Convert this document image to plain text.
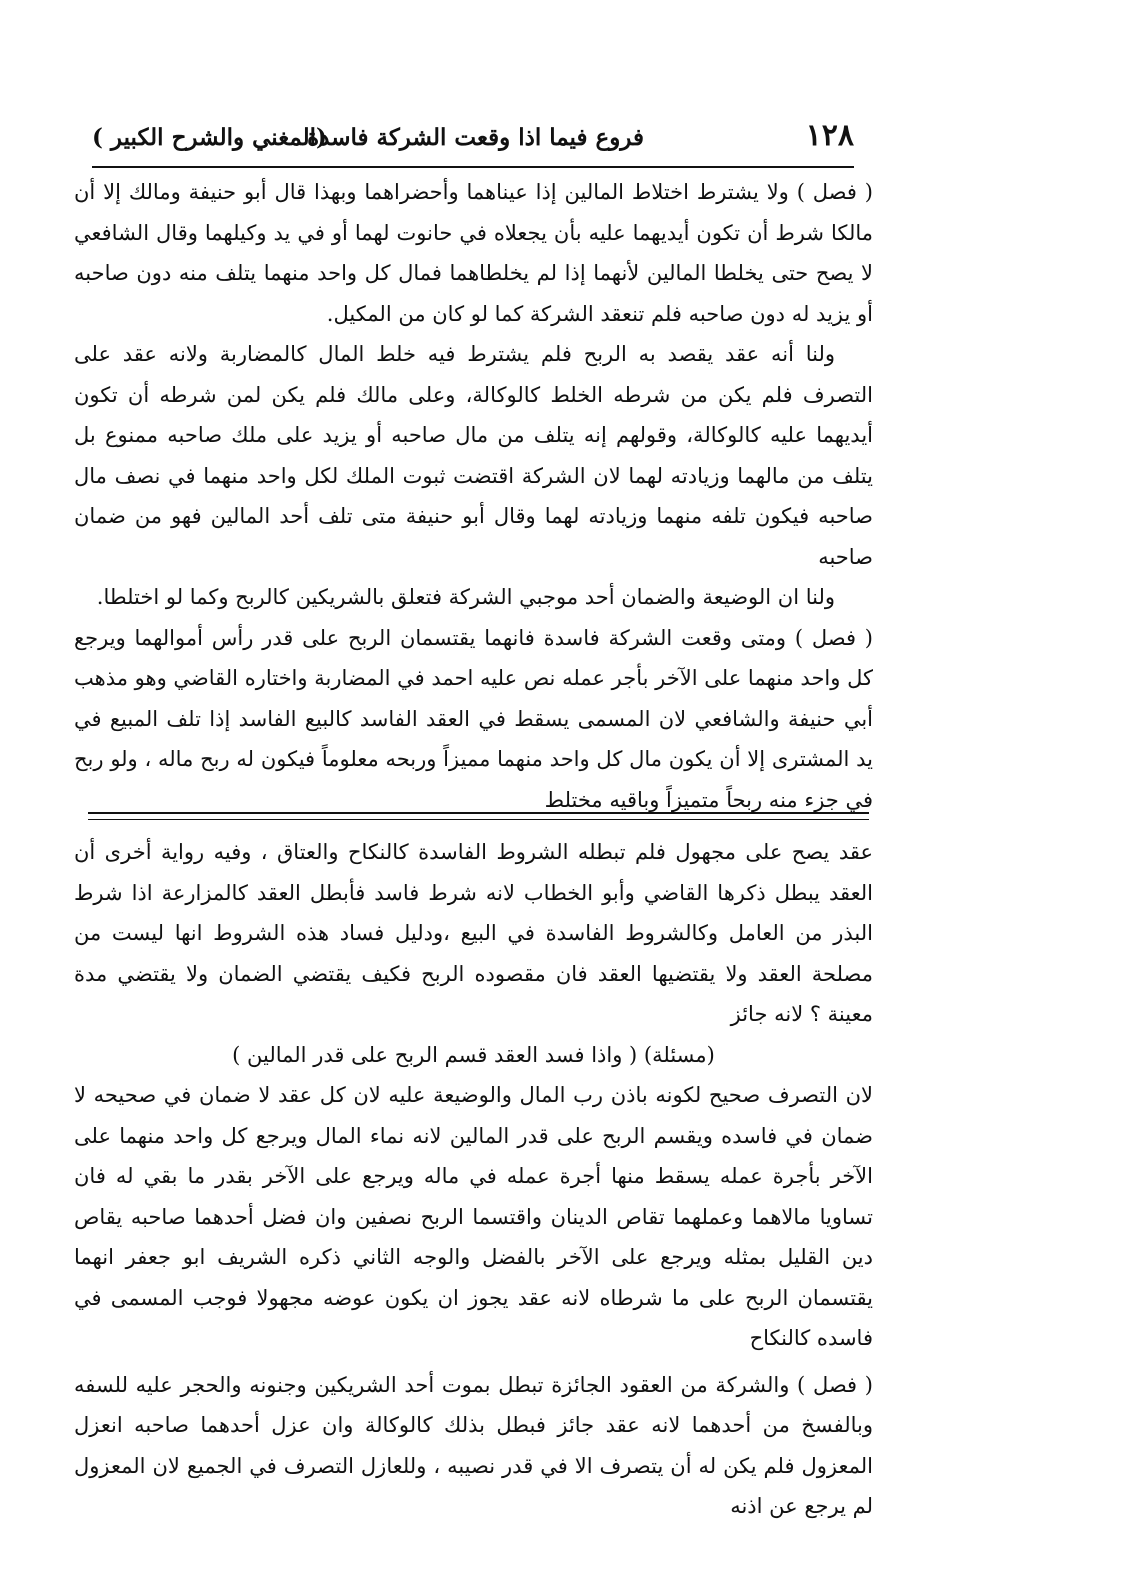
١٢٨
فروع فيما اذا وقعت الشركة فاسدة
(المغني والشرح الكبير )

( فصل ) ولا يشترط اختلاط المالين إذا عيناهما وأحضراهما وبهذا قال أبو حنيفة ومالك إلا أن مالكا شرط أن تكون أيديهما عليه بأن يجعلاه في حانوت لهما أو في يد وكيلهما وقال الشافعي لا يصح حتى يخلطا المالين لأنهما إذا لم يخلطاهما فمال كل واحد منهما يتلف منه دون صاحبه أو يزيد له دون صاحبه فلم تنعقد الشركة كما لو كان من المكيل.

ولنا أنه عقد يقصد به الربح فلم يشترط فيه خلط المال كالمضاربة ولانه عقد على التصرف فلم يكن من شرطه الخلط كالوكالة، وعلى مالك فلم يكن لمن شرطه أن تكون أيديهما عليه كالوكالة، وقولهم إنه يتلف من مال صاحبه أو يزيد على ملك صاحبه ممنوع بل يتلف من مالهما وزيادته لهما لان الشركة اقتضت ثبوت الملك لكل واحد منهما في نصف مال صاحبه فيكون تلفه منهما وزيادته لهما وقال أبو حنيفة متى تلف أحد المالين فهو من ضمان صاحبه

ولنا ان الوضيعة والضمان أحد موجبي الشركة فتعلق بالشريكين كالربح وكما لو اختلطا.

( فصل ) ومتى وقعت الشركة فاسدة فانهما يقتسمان الربح على قدر رأس أموالهما ويرجع كل واحد منهما على الآخر بأجر عمله نص عليه احمد في المضاربة واختاره القاضي وهو مذهب أبي حنيفة والشافعي لان المسمى يسقط في العقد الفاسد كالبيع الفاسد إذا تلف المبيع في يد المشترى إلا أن يكون مال كل واحد منهما مميزاً وربحه معلوماً فيكون له ربح ماله ، ولو ربح في جزء منه ربحاً متميزاً وباقيه مختلط

عقد يصح على مجهول فلم تبطله الشروط الفاسدة كالنكاح والعتاق ، وفيه رواية أخرى أن العقد يبطل ذكرها القاضي وأبو الخطاب لانه شرط فاسد فأبطل العقد كالمزارعة اذا شرط البذر من العامل وكالشروط الفاسدة في البيع ،ودليل فساد هذه الشروط انها ليست من مصلحة العقد ولا يقتضيها العقد فان مقصوده الربح فكيف يقتضي الضمان ولا يقتضي مدة معينة ؟ لانه جائز

(مسئلة) ( واذا فسد العقد قسم الربح على قدر المالين )

لان التصرف صحيح لكونه باذن رب المال والوضيعة عليه لان كل عقد لا ضمان في صحيحه لا ضمان في فاسده ويقسم الربح على قدر المالين لانه نماء المال ويرجع كل واحد منهما على الآخر بأجرة عمله يسقط منها أجرة عمله في ماله ويرجع على الآخر بقدر ما بقي له فان تساويا مالاهما وعملهما تقاص الدينان واقتسما الربح نصفين وان فضل أحدهما صاحبه يقاص دين القليل بمثله ويرجع على الآخر بالفضل والوجه الثاني ذكره الشريف ابو جعفر انهما يقتسمان الربح على ما شرطاه لانه عقد يجوز ان يكون عوضه مجهولا فوجب المسمى في فاسده كالنكاح

( فصل ) والشركة من العقود الجائزة تبطل بموت أحد الشريكين وجنونه والحجر عليه للسفه وبالفسخ من أحدهما لانه عقد جائز فبطل بذلك كالوكالة وان عزل أحدهما صاحبه انعزل المعزول فلم يكن له أن يتصرف الا في قدر نصيبه ، وللعازل التصرف في الجميع لان المعزول لم يرجع عن اذنه
